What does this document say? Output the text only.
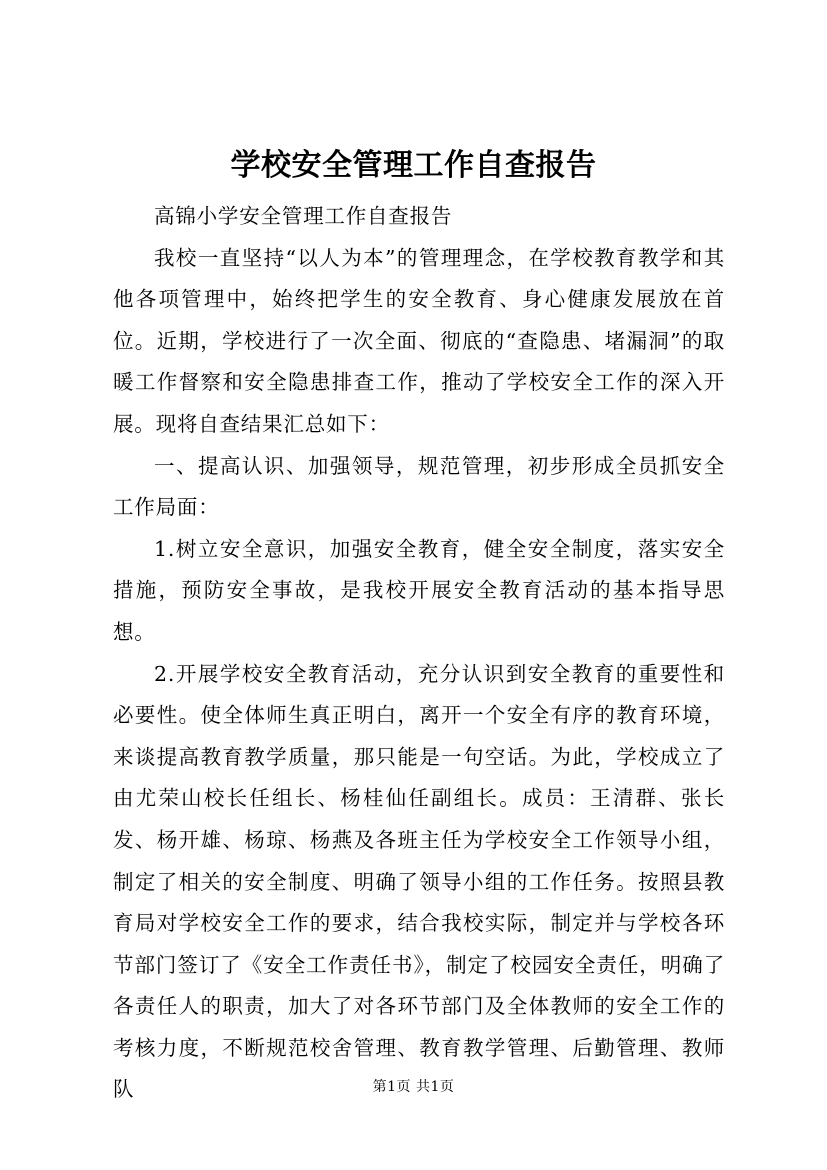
学校安全管理工作自查报告

高锦小学安全管理工作自查报告

我校一直坚持“以人为本”的管理理念，在学校教育教学和其他各项管理中，始终把学生的安全教育、身心健康发展放在首位。近期，学校进行了一次全面、彻底的“查隐患、堵漏洞”的取暖工作督察和安全隐患排查工作，推动了学校安全工作的深入开展。现将自查结果汇总如下：

一、提高认识、加强领导，规范管理，初步形成全员抓安全工作局面：

1.树立安全意识，加强安全教育，健全安全制度，落实安全措施，预防安全事故，是我校开展安全教育活动的基本指导思想。

2.开展学校安全教育活动，充分认识到安全教育的重要性和必要性。使全体师生真正明白，离开一个安全有序的教育环境，来谈提高教育教学质量，那只能是一句空话。为此，学校成立了由尤荣山校长任组长、杨桂仙任副组长。成员：王清群、张长发、杨开雄、杨琼、杨燕及各班主任为学校安全工作领导小组，制定了相关的安全制度、明确了领导小组的工作任务。按照县教育局对学校安全工作的要求，结合我校实际，制定并与学校各环节部门签订了《安全工作责任书》，制定了校园安全责任，明确了各责任人的职责，加大了对各环节部门及全体教师的安全工作的考核力度，不断规范校舍管理、教育教学管理、后勤管理、教师队	第1页 共1页
